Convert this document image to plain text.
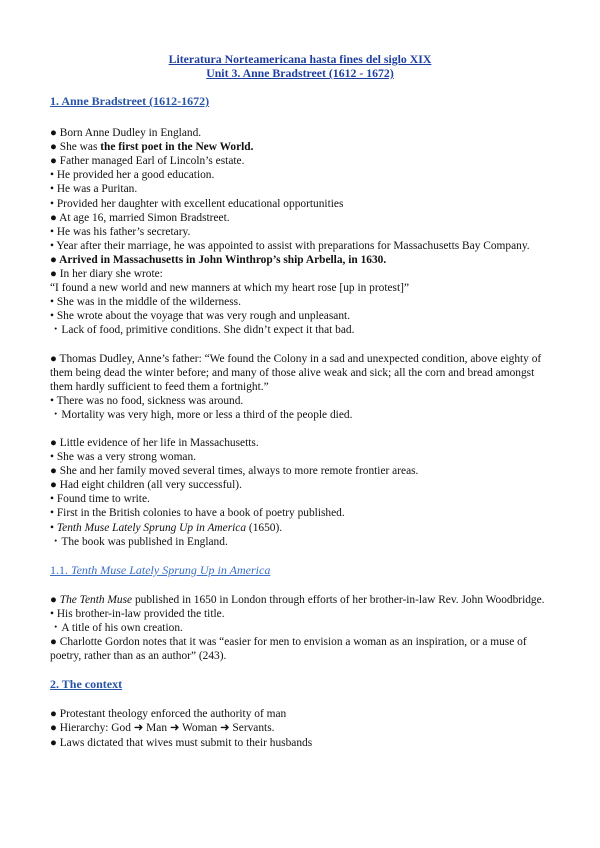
Literatura Norteamericana hasta fines del siglo XIX
Unit 3. Anne Bradstreet (1612 - 1672)

1. Anne Bradstreet (1612-1672)

● Born Anne Dudley in England.

● She was the first poet in the New World.

● Father managed Earl of Lincoln’s estate.

• He provided her a good education.

• He was a Puritan.

• Provided her daughter with excellent educational opportunities

● At age 16, married Simon Bradstreet.

• He was his father’s secretary.

• Year after their marriage, he was appointed to assist with preparations for Massachusetts Bay Company.

● Arrived in Massachusetts in John Winthrop’s ship Arbella, in 1630.

● In her diary she wrote:

“I found a new world and new manners at which my heart rose [up in protest]”

• She was in the middle of the wilderness.

• She wrote about the voyage that was very rough and unpleasant.

・Lack of food, primitive conditions. She didn’t expect it that bad.

● Thomas Dudley, Anne’s father: “We found the Colony in a sad and unexpected condition, above eighty of them being dead the winter before; and many of those alive weak and sick; all the corn and bread amongst them hardly sufficient to feed them a fortnight.”

• There was no food, sickness was around.

・Mortality was very high, more or less a third of the people died.

● Little evidence of her life in Massachusetts.

• She was a very strong woman.

● She and her family moved several times, always to more remote frontier areas.

● Had eight children (all very successful).

• Found time to write.

• First in the British colonies to have a book of poetry published.

• Tenth Muse Lately Sprung Up in America (1650).

・The book was published in England.

1.1. Tenth Muse Lately Sprung Up in America

● The Tenth Muse published in 1650 in London through efforts of her brother-in-law Rev. John Woodbridge.

• His brother-in-law provided the title.

・A title of his own creation.

● Charlotte Gordon notes that it was “easier for men to envision a woman as an inspiration, or a muse of poetry, rather than as an author” (243).

2. The context

● Protestant theology enforced the authority of man

● Hierarchy: God ➜ Man ➜ Woman ➜ Servants.

● Laws dictated that wives must submit to their husbands
